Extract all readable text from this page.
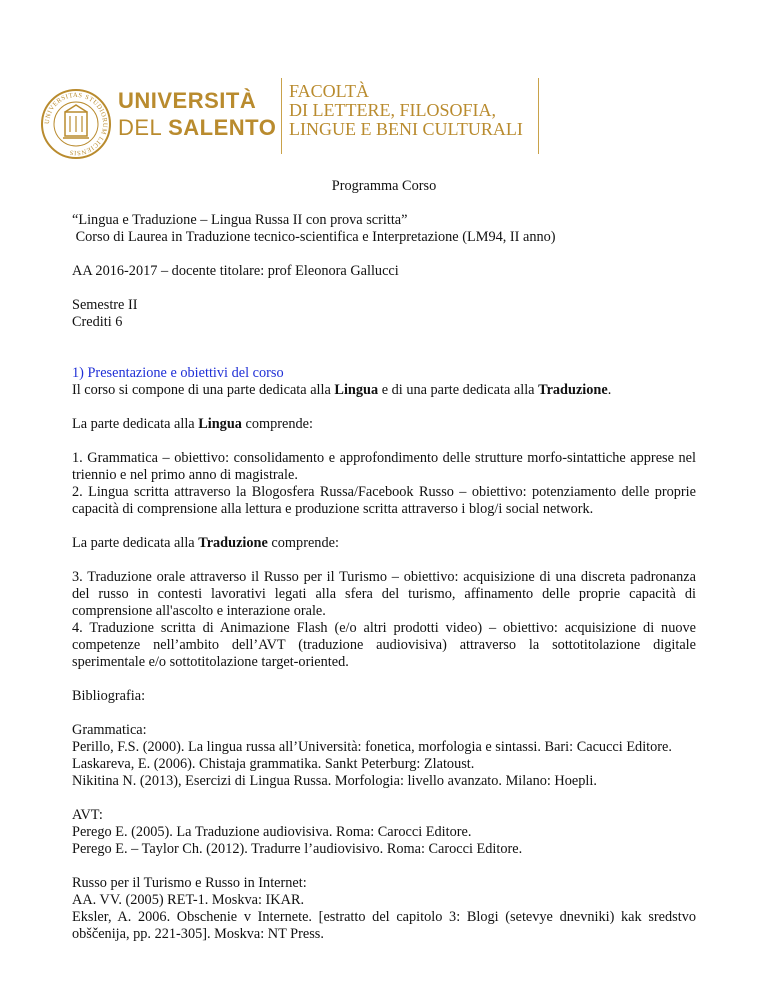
UNIVERSITAS STUDIORUM LICIENSIS
UNIVERSITÀ
DEL SALENTO
FACOLTÀ
DI LETTERE, FILOSOFIA,
LINGUE E BENI CULTURALI

Programma Corso

“Lingua e Traduzione – Lingua Russa II con prova scritta”

Corso di Laurea in Traduzione tecnico-scientifica e Interpretazione (LM94, II anno)

AA 2016-2017 – docente titolare: prof Eleonora Gallucci

Semestre II

Crediti 6

1) Presentazione e obiettivi del corso

Il corso si compone di una parte dedicata alla Lingua e di una parte dedicata alla Traduzione.

La parte dedicata alla Lingua comprende:

1. Grammatica – obiettivo: consolidamento e approfondimento delle strutture morfo-sintattiche apprese nel triennio e nel primo anno di magistrale.

2. Lingua scritta attraverso la Blogosfera Russa/Facebook Russo – obiettivo: potenziamento delle proprie capacità di comprensione alla lettura e produzione scritta attraverso i blog/i social network.

La parte dedicata alla Traduzione comprende:

3. Traduzione orale attraverso il Russo per il Turismo – obiettivo: acquisizione di una discreta padronanza del russo in contesti lavorativi legati alla sfera del turismo, affinamento delle proprie capacità di comprensione all'ascolto e interazione orale.

4. Traduzione scritta di Animazione Flash (e/o altri prodotti video) – obiettivo: acquisizione di nuove competenze nell’ambito dell’AVT (traduzione audiovisiva) attraverso la sottotitolazione digitale sperimentale e/o sottotitolazione target-oriented.

Bibliografia:

Grammatica:

Perillo, F.S. (2000). La lingua russa all’Università: fonetica, morfologia e sintassi. Bari: Cacucci Editore.

Laskareva, E. (2006). Chistaja grammatika. Sankt Peterburg: Zlatoust.

Nikitina N. (2013), Esercizi di Lingua Russa. Morfologia: livello avanzato. Milano: Hoepli.

AVT:

Perego E. (2005). La Traduzione audiovisiva. Roma: Carocci Editore.

Perego E. – Taylor Ch. (2012). Tradurre l’audiovisivo. Roma: Carocci Editore.

Russo per il Turismo e Russo in Internet:

AA. VV. (2005) RET-1. Moskva: IKAR.

Eksler, A. 2006. Obschenie v Internete. [estratto del capitolo 3: Blogi (setevye dnevniki) kak sredstvo obščenija, pp. 221-305]. Moskva: NT Press.
